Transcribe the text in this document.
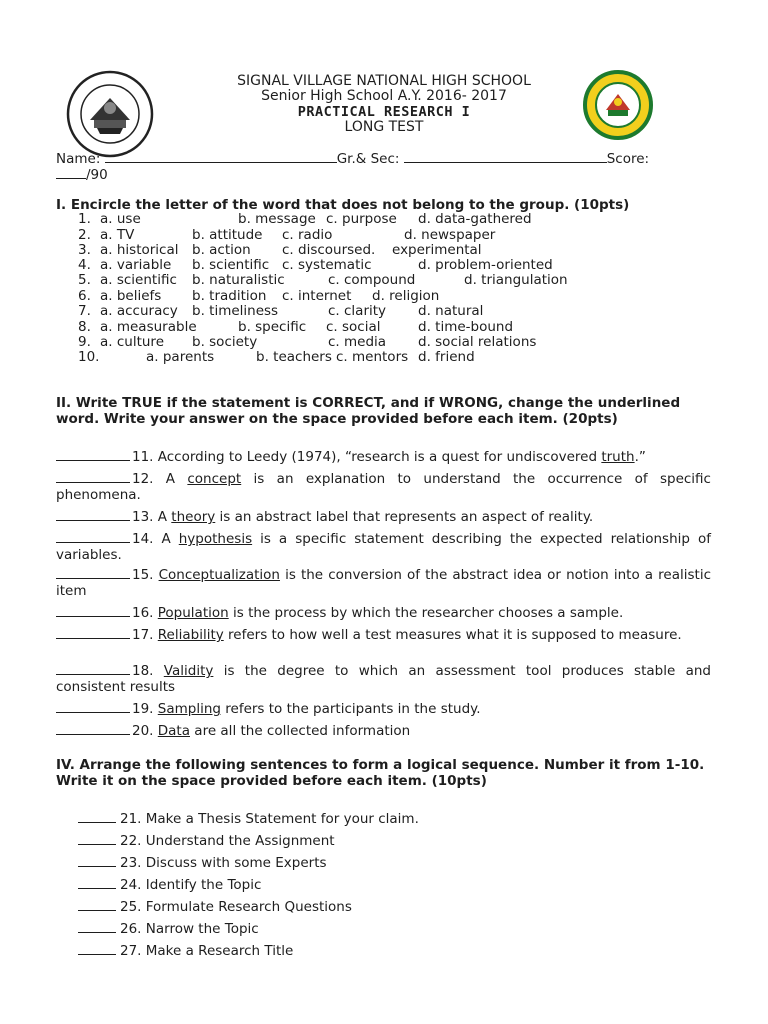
SIGNAL VILLAGE NATIONAL HIGH SCHOOL
Senior High School A.Y. 2016- 2017
PRACTICAL RESEARCH I
LONG TEST
Name:	Gr.& Sec:	Score:
/90
I. Encircle the letter of the word that does not belong to the group. (10pts)
1. a. use	b. message c. purpose d. data-gathered
2. a. TV	b. attitude c. radio	d. newspaper
3. a. historical b. action c. discoursed. experimental
4. a. variable b. scientific c. systematic	d. problem-oriented
5. a. scientific b. naturalistic	c. compound	d. triangulation
6. a. beliefs b. tradition c. internet d. religion
7. a. accuracy b. timeliness	c. clarity d. natural
8. a. measurable	b. specific c. social	d. time-bound
9. a. culture b. society	c. media d. social relations
10.	a. parents	b. teachers c. mentors d. friend
II. Write TRUE if the statement is CORRECT, and if WRONG, change the underlined word. Write your answer on the space provided before each item. (20pts)
11. According to Leedy (1974), “research is a quest for undiscovered truth.”
12. A concept is an explanation to understand the occurrence of specific phenomena.
13. A theory is an abstract label that represents an aspect of reality.
14. A hypothesis is a specific statement describing the expected relationship of variables.
15. Conceptualization is the conversion of the abstract idea or notion into a realistic item
16. Population is the process by which the researcher chooses a sample.
17. Reliability refers to how well a test measures what it is supposed to measure.
18. Validity is the degree to which an assessment tool produces stable and consistent results
19. Sampling refers to the participants in the study.
20. Data are all the collected information
IV. Arrange the following sentences to form a logical sequence. Number it from 1-10. Write it on the space provided before each item. (10pts)
21. Make a Thesis Statement for your claim.
22. Understand the Assignment
23. Discuss with some Experts
24. Identify the Topic
25. Formulate Research Questions
26. Narrow the Topic
27. Make a Research Title
